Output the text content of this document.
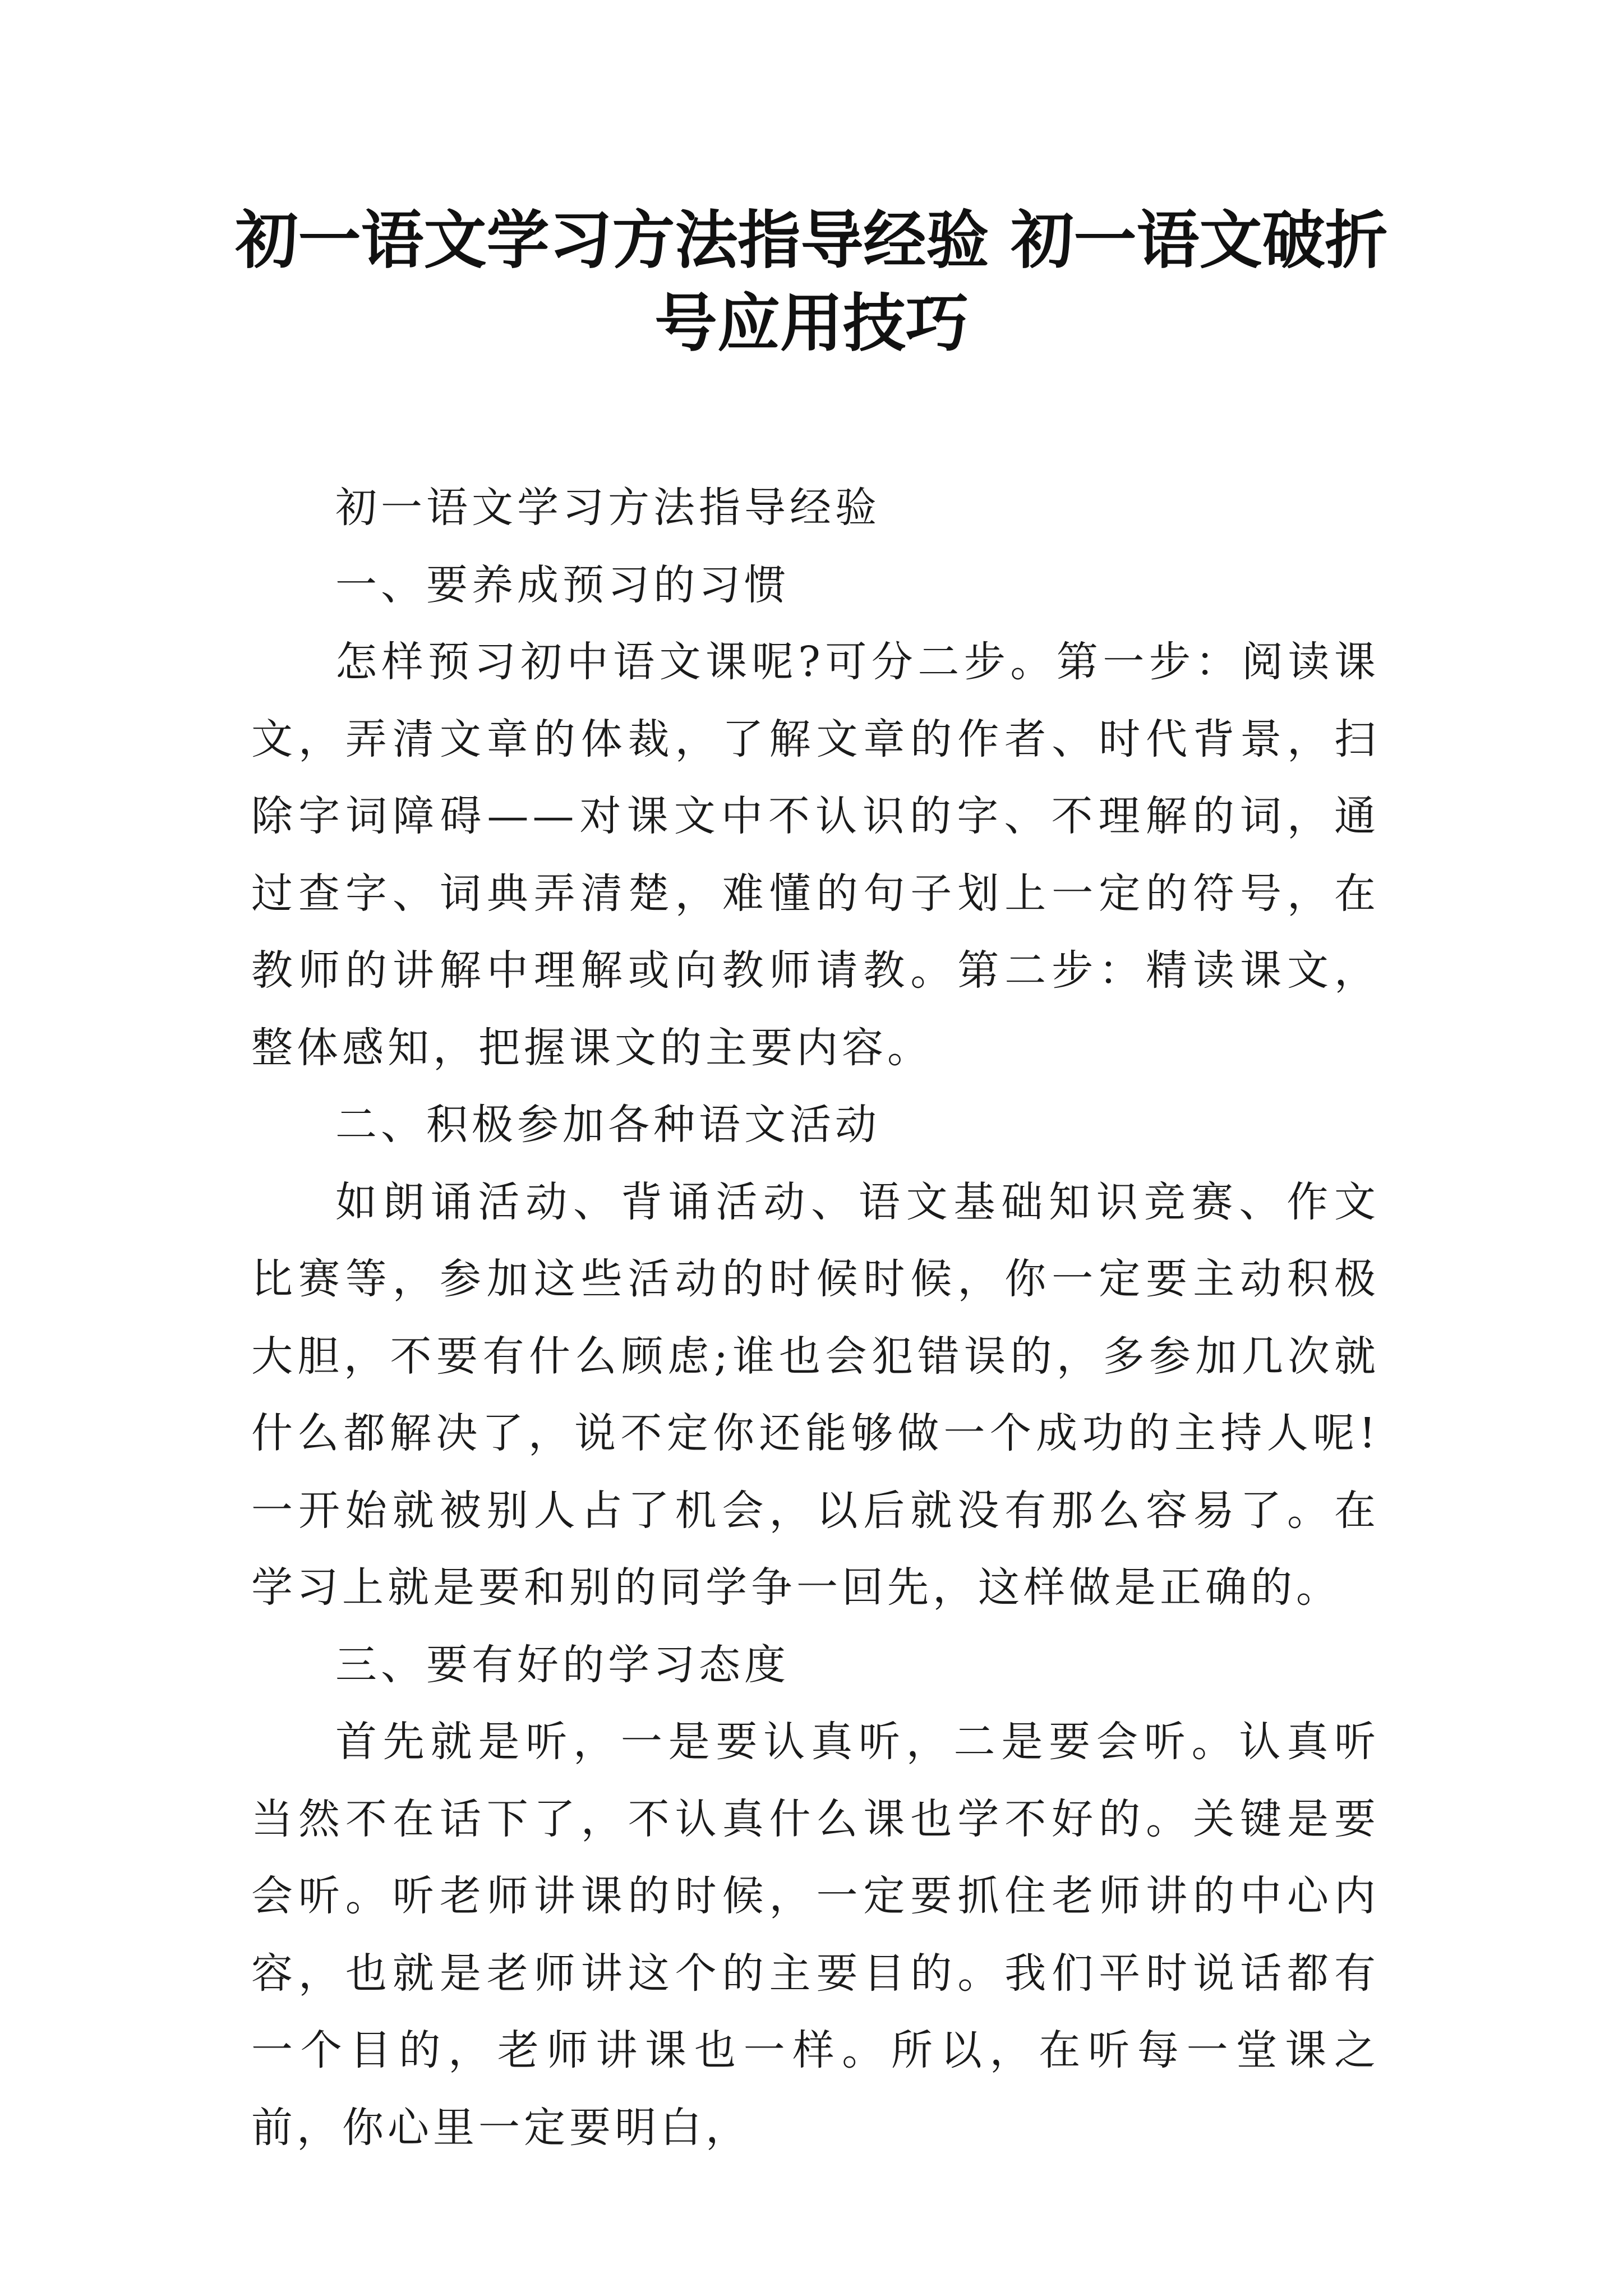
初一语文学习方法指导经验 初一语文破折号应用技巧

初一语文学习方法指导经验

一、要养成预习的习惯

怎样预习初中语文课呢?可分二步。第一步：阅读课文，弄清文章的体裁，了解文章的作者、时代背景，扫除字词障碍——对课文中不认识的字、不理解的词，通过查字、词典弄清楚，难懂的句子划上一定的符号，在教师的讲解中理解或向教师请教。第二步：精读课文，整体感知，把握课文的主要内容。

二、积极参加各种语文活动

如朗诵活动、背诵活动、语文基础知识竞赛、作文比赛等，参加这些活动的时候时候，你一定要主动积极大胆，不要有什么顾虑;谁也会犯错误的，多参加几次就什么都解决了，说不定你还能够做一个成功的主持人呢!一开始就被别人占了机会，以后就没有那么容易了。在学习上就是要和别的同学争一回先，这样做是正确的。

三、要有好的学习态度

首先就是听，一是要认真听，二是要会听。认真听当然不在话下了，不认真什么课也学不好的。关键是要会听。听老师讲课的时候，一定要抓住老师讲的中心内容，也就是老师讲这个的主要目的。我们平时说话都有一个目的，老师讲课也一样。所以，在听每一堂课之前，你心里一定要明白，
